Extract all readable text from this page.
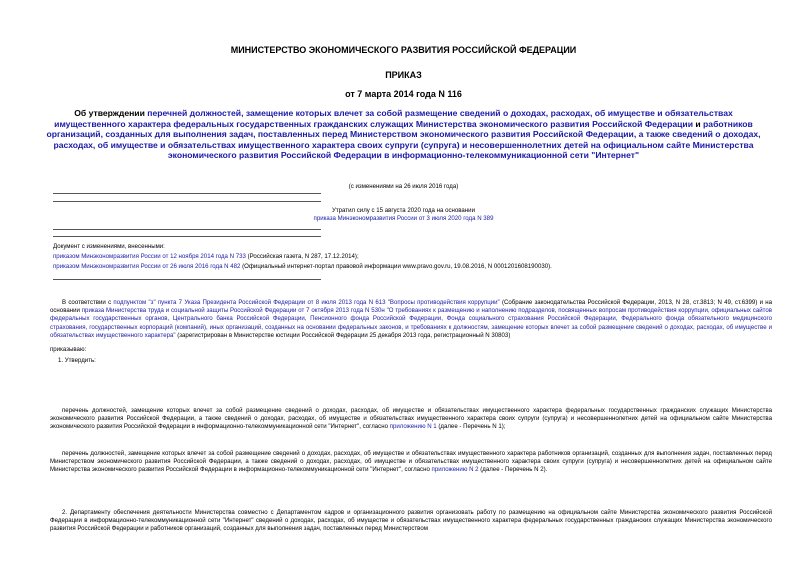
МИНИСТЕРСТВО ЭКОНОМИЧЕСКОГО РАЗВИТИЯ РОССИЙСКОЙ ФЕДЕРАЦИИ
ПРИКАЗ
от 7 марта 2014 года N 116
Об утверждении перечней должностей, замещение которых влечет за собой размещение сведений о доходах, расходах, об имуществе и обязательствах имущественного характера федеральных государственных гражданских служащих Министерства экономического развития Российской Федерации и работников организаций, созданных для выполнения задач, поставленных перед Министерством экономического развития Российской Федерации, а также сведений о доходах, расходах, об имуществе и обязательствах имущественного характера своих супруги (супруга) и несовершеннолетних детей на официальном сайте Министерства экономического развития Российской Федерации в информационно-телекоммуникационной сети "Интернет"
(с изменениями на 26 июля 2016 года)
Утратил силу с 15 августа 2020 года на основании
приказа Минэкономразвития России от 3 июля 2020 года N 389
Документ с изменениями, внесенными:
приказом Минэкономразвития России от 12 ноября 2014 года N 733 (Российская газета, N 287, 17.12.2014);
приказом Минэкономразвития России от 26 июля 2016 года N 482 (Официальный интернет-портал правовой информации www.pravo.gov.ru, 19.08.2016, N 0001201608190030).
В соответствии с подпунктом "з" пункта 7 Указа Президента Российской Федерации от 8 июля 2013 года N 613 "Вопросы противодействия коррупции" (Собрание законодательства Российской Федерации, 2013, N 28, ст.3813; N 49, ст.6399) и на основании приказа Министерства труда и социальной защиты Российской Федерации от 7 октября 2013 года N 530н "О требованиях к размещению и наполнению подразделов, посвященных вопросам противодействия коррупции, официальных сайтов федеральных государственных органов, Центрального банка Российской Федерации, Пенсионного фонда Российской Федерации, Фонда социального страхования Российской Федерации, Федерального фонда обязательного медицинского страхования, государственных корпораций (компаний), иных организаций, созданных на основании федеральных законов, и требованиях к должностям, замещение которых влечет за собой размещение сведений о доходах, расходах, об имуществе и обязательствах имущественного характера" (зарегистрирован в Министерстве юстиции Российской Федерации 25 декабря 2013 года, регистрационный N 30803)
приказываю:
1. Утвердить:
перечень должностей, замещение которых влечет за собой размещение сведений о доходах, расходах, об имуществе и обязательствах имущественного характера федеральных государственных гражданских служащих Министерства экономического развития Российской Федерации, а также сведений о доходах, расходах, об имуществе и обязательствах имущественного характера своих супруги (супруга) и несовершеннолетних детей на официальном сайте Министерства экономического развития Российской Федерации в информационно-телекоммуникационной сети "Интернет", согласно приложению N 1 (далее - Перечень N 1);
перечень должностей, замещение которых влечет за собой размещение сведений о доходах, расходах, об имуществе и обязательствах имущественного характера работников организаций, созданных для выполнения задач, поставленных перед Министерством экономического развития Российской Федерации, а также сведений о доходах, расходах, об имуществе и обязательствах имущественного характера своих супруги (супруга) и несовершеннолетних детей на официальном сайте Министерства экономического развития Российской Федерации в информационно-телекоммуникационной сети "Интернет", согласно приложению N 2 (далее - Перечень N 2).
2. Департаменту обеспечения деятельности Министерства совместно с Департаментом кадров и организационного развития организовать работу по размещению на официальном сайте Министерства экономического развития Российской Федерации в информационно-телекоммуникационной сети "Интернет" сведений о доходах, расходах, об имуществе и обязательствах имущественного характера федеральных государственных гражданских служащих Министерства экономического развития Российской Федерации и работников организаций, созданных для выполнения задач, поставленных перед Министерством
